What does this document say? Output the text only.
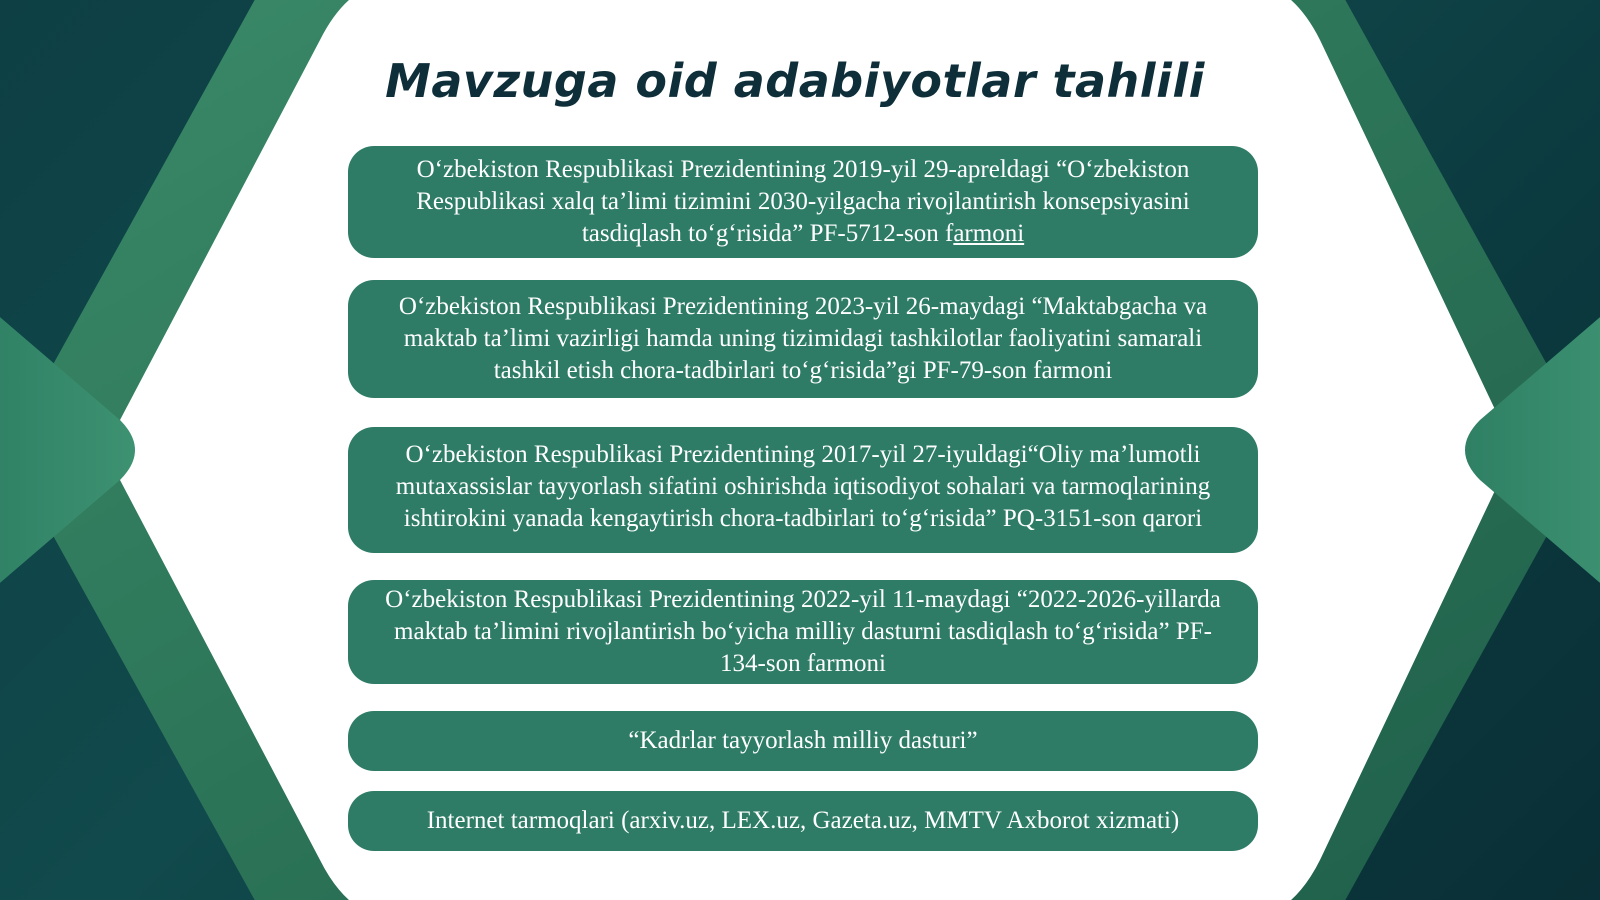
Mavzuga oid adabiyotlar tahlili
O‘zbekiston Respublikasi Prezidentining 2019-yil 29-apreldagi “O‘zbekiston Respublikasi xalq ta’limi tizimini 2030-yilgacha rivojlantirish konsepsiyasini tasdiqlash to‘g‘risida” PF-5712-son farmoni
O‘zbekiston Respublikasi Prezidentining 2023-yil 26-maydagi “Maktabgacha va maktab ta’limi vazirligi hamda uning tizimidagi tashkilotlar faoliyatini samarali tashkil etish chora-tadbirlari to‘g‘risida”gi PF-79-son farmoni
O‘zbekiston Respublikasi Prezidentining 2017-yil 27-iyuldagi“Oliy ma’lumotli mutaxassislar tayyorlash sifatini oshirishda iqtisodiyot sohalari va tarmoqlarining ishtirokini yanada kengaytirish chora-tadbirlari to‘g‘risida” PQ-3151-son qarori
O‘zbekiston Respublikasi Prezidentining 2022-yil 11-maydagi “2022-2026-yillarda maktab ta’limini rivojlantirish bo‘yicha milliy dasturni tasdiqlash to‘g‘risida” PF-134-son farmoni
“Kadrlar tayyorlash milliy dasturi”
Internet tarmoqlari (arxiv.uz, LEX.uz, Gazeta.uz, MMTV Axborot xizmati)
